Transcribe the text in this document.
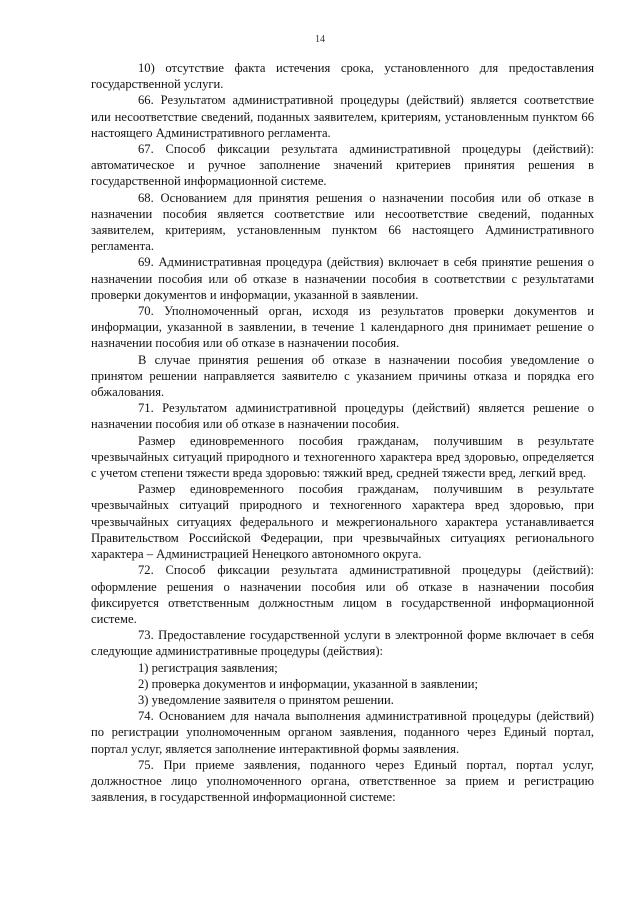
14

10) отсутствие факта истечения срока, установленного для предоставления государственной услуги.

66. Результатом административной процедуры (действий) является соответствие или несоответствие сведений, поданных заявителем, критериям, установленным пунктом 66 настоящего Административного регламента.

67. Способ фиксации результата административной процедуры (действий): автоматическое и ручное заполнение значений критериев принятия решения в государственной информационной системе.

68. Основанием для принятия решения о назначении пособия или об отказе в назначении пособия является соответствие или несоответствие сведений, поданных заявителем, критериям, установленным пунктом 66 настоящего Административного регламента.

69. Административная процедура (действия) включает в себя принятие решения о назначении пособия или об отказе в назначении пособия в соответствии с результатами проверки документов и информации, указанной в заявлении.

70. Уполномоченный орган, исходя из результатов проверки документов и информации, указанной в заявлении, в течение 1 календарного дня принимает решение о назначении пособия или об отказе в назначении пособия.

В случае принятия решения об отказе в назначении пособия уведомление о принятом решении направляется заявителю с указанием причины отказа и порядка его обжалования.

71. Результатом административной процедуры (действий) является решение о назначении пособия или об отказе в назначении пособия.

Размер единовременного пособия гражданам, получившим в результате чрезвычайных ситуаций природного и техногенного характера вред здоровью, определяется с учетом степени тяжести вреда здоровью: тяжкий вред, средней тяжести вред, легкий вред.

Размер единовременного пособия гражданам, получившим в результате чрезвычайных ситуаций природного и техногенного характера вред здоровью, при чрезвычайных ситуациях федерального и межрегионального характера устанавливается Правительством Российской Федерации, при чрезвычайных ситуациях регионального характера – Администрацией Ненецкого автономного округа.

72. Способ фиксации результата административной процедуры (действий): оформление решения о назначении пособия или об отказе в назначении пособия фиксируется ответственным должностным лицом в государственной информационной системе.

73. Предоставление государственной услуги в электронной форме включает в себя следующие административные процедуры (действия):

1) регистрация заявления;

2) проверка документов и информации, указанной в заявлении;

3) уведомление заявителя о принятом решении.

74. Основанием для начала выполнения административной процедуры (действий) по регистрации уполномоченным органом заявления, поданного через Единый портал, портал услуг, является заполнение интерактивной формы заявления.

75. При приеме заявления, поданного через Единый портал, портал услуг, должностное лицо уполномоченного органа, ответственное за прием и регистрацию заявления, в государственной информационной системе:
